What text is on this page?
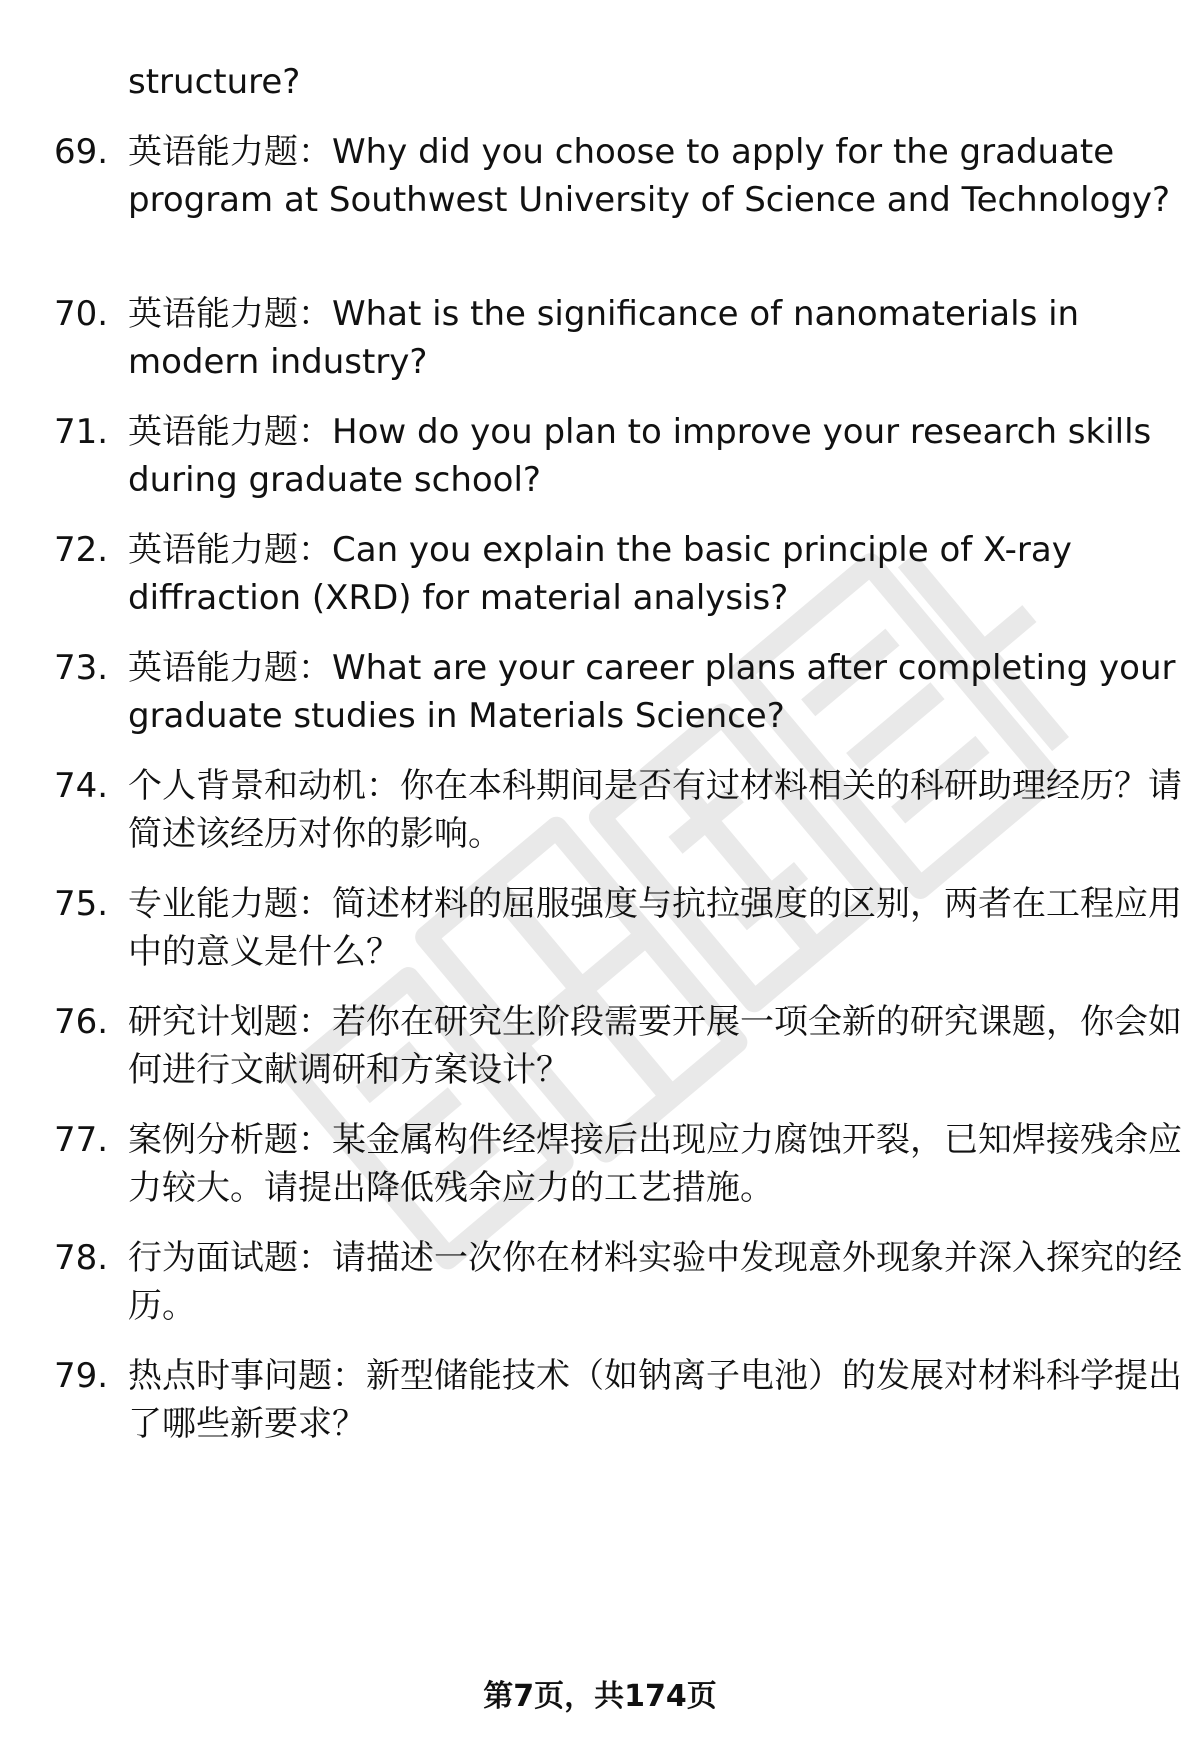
structure?
69. 英语能力题：Why did you choose to apply for the graduate program at Southwest University of Science and Technology?
70. 英语能力题：What is the significance of nanomaterials in modern industry?
71. 英语能力题：How do you plan to improve your research skills during graduate school?
72. 英语能力题：Can you explain the basic principle of X-ray diffraction (XRD) for material analysis?
73. 英语能力题：What are your career plans after completing your graduate studies in Materials Science?
74. 个人背景和动机：你在本科期间是否有过材料相关的科研助理经历？请简述该经历对你的影响。
75. 专业能力题：简述材料的屈服强度与抗拉强度的区别，两者在工程应用中的意义是什么？
76. 研究计划题：若你在研究生阶段需要开展一项全新的研究课题，你会如何进行文献调研和方案设计？
77. 案例分析题：某金属构件经焊接后出现应力腐蚀开裂，已知焊接残余应力较大。请提出降低残余应力的工艺措施。
78. 行为面试题：请描述一次你在材料实验中发现意外现象并深入探究的经历。
79. 热点时事问题：新型储能技术（如钠离子电池）的发展对材料科学提出了哪些新要求？
第7页，共174页
